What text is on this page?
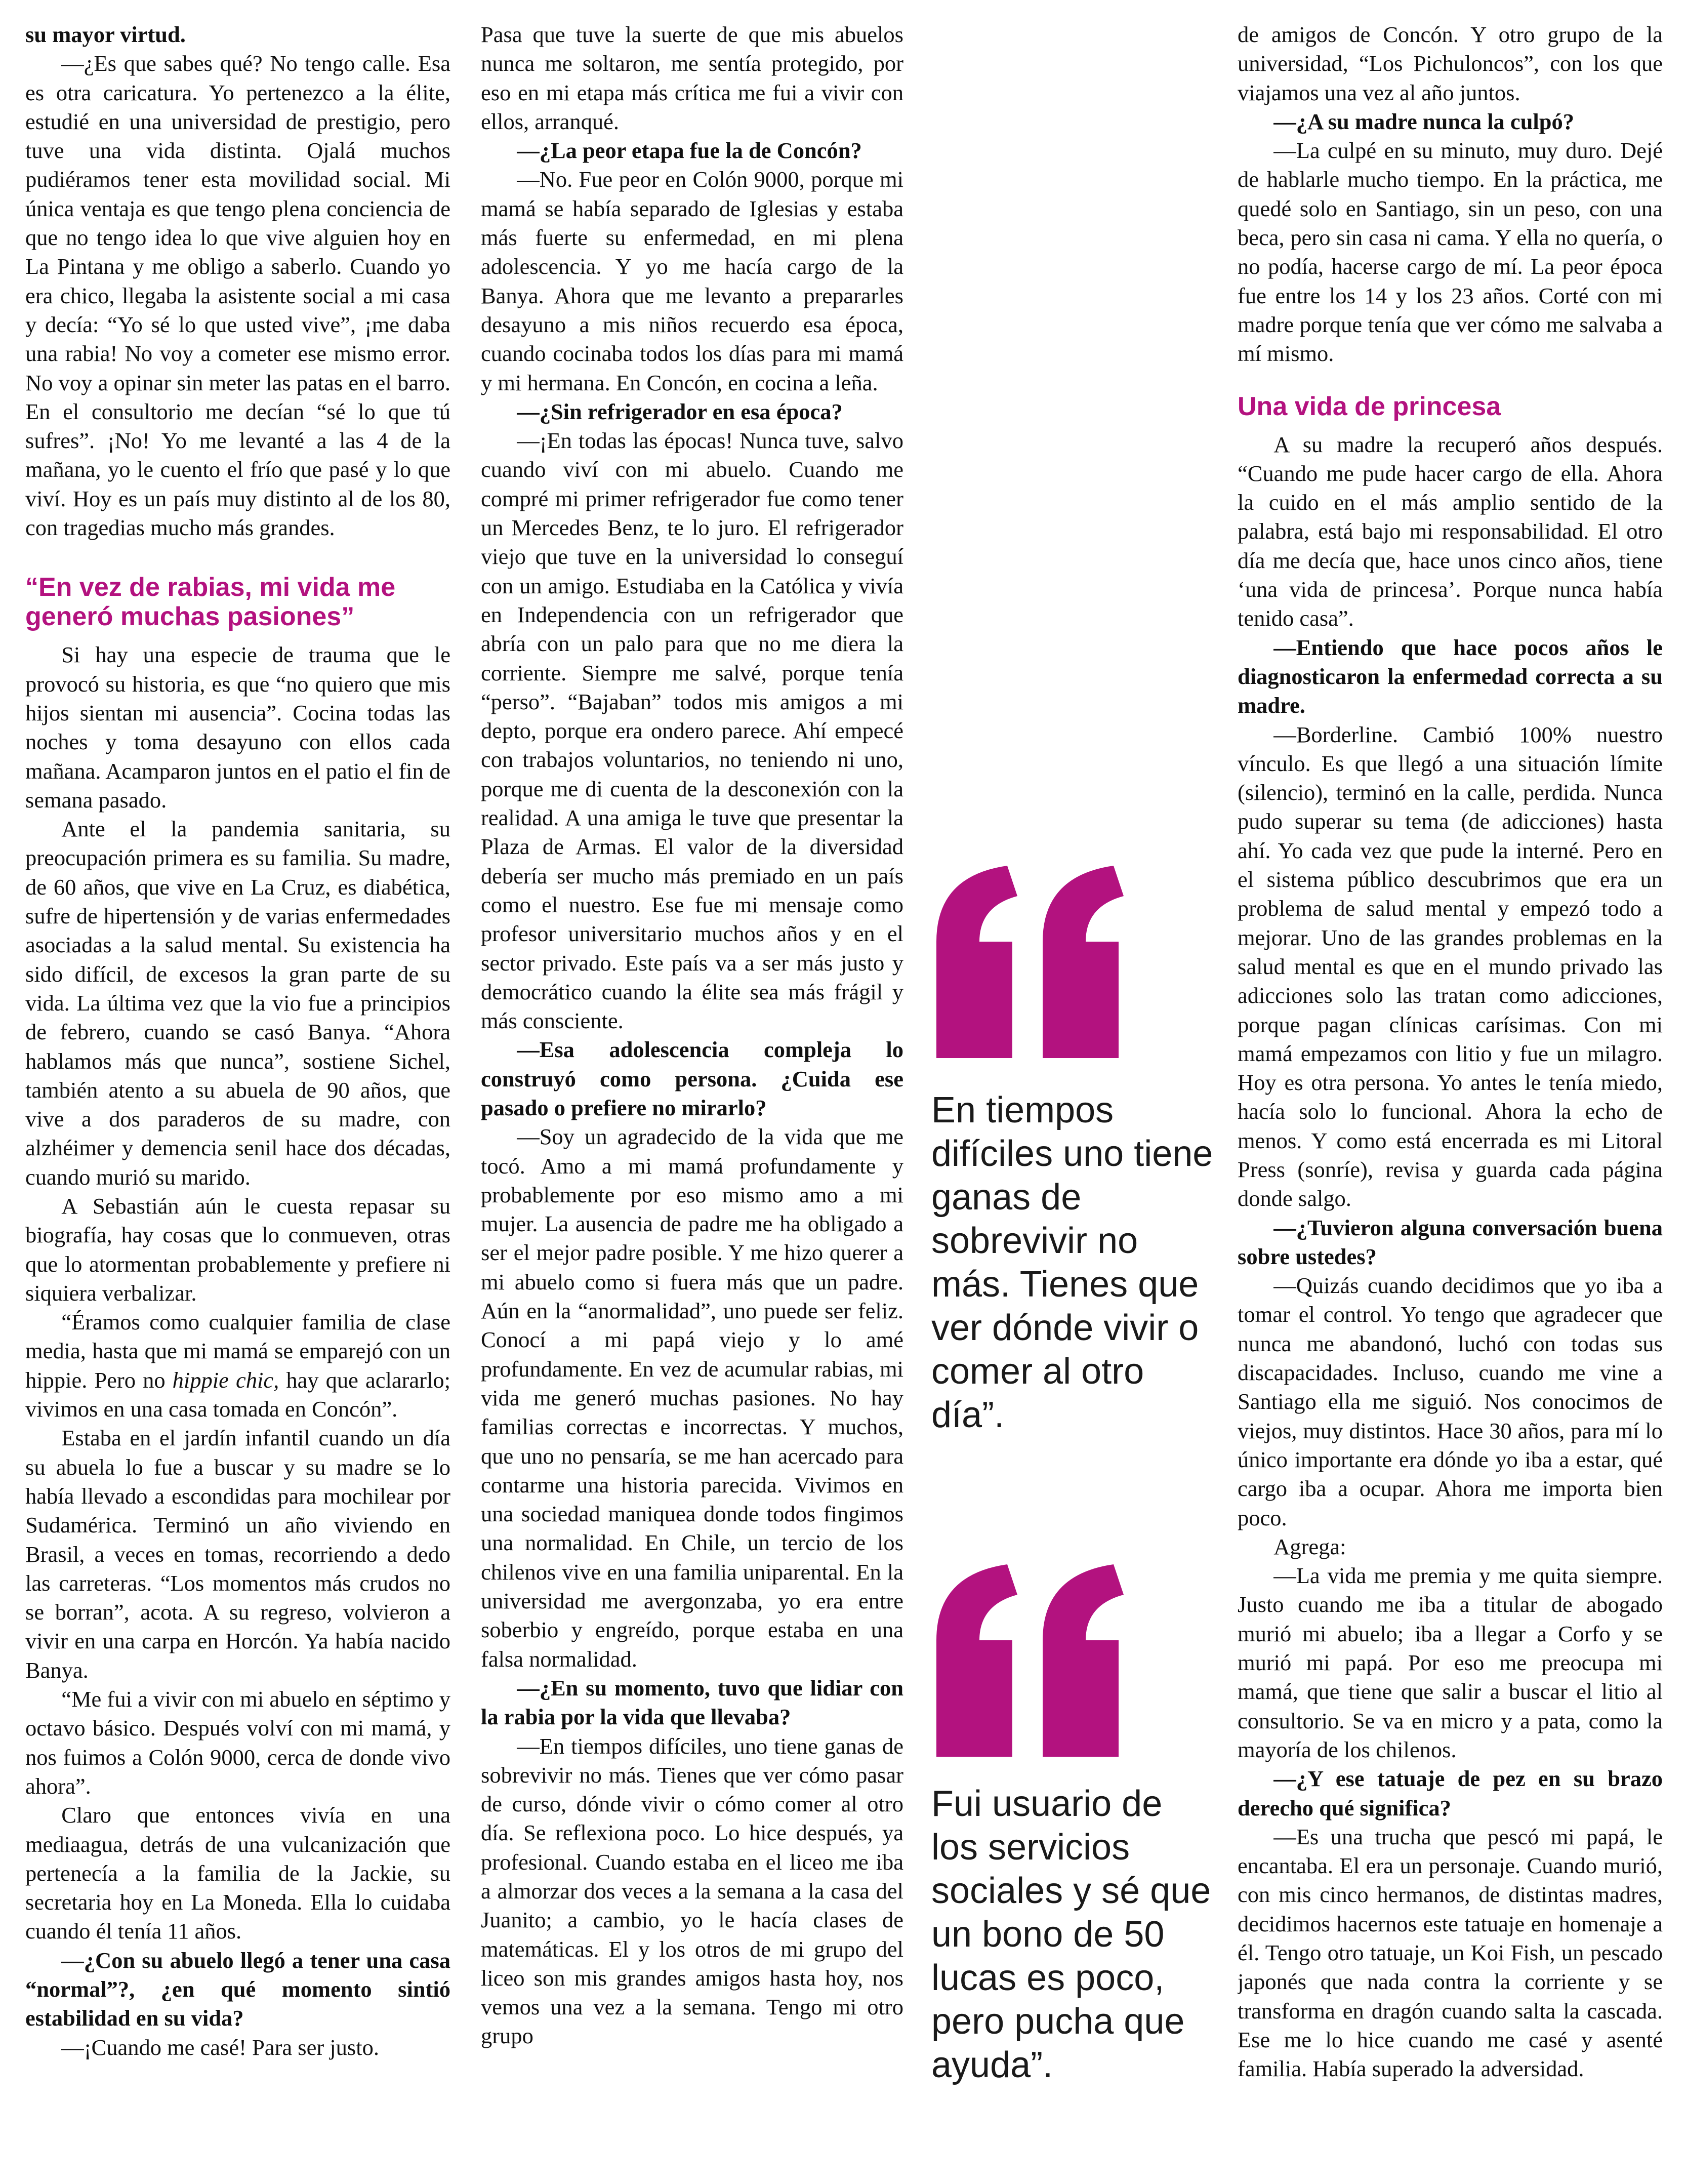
su mayor virtud.

—¿Es que sabes qué? No tengo calle. Esa es otra caricatura. Yo pertenezco a la élite, estudié en una universidad de prestigio, pero tuve una vida distinta. Ojalá muchos pudiéramos tener esta movilidad social. Mi única ventaja es que tengo plena conciencia de que no tengo idea lo que vive alguien hoy en La Pintana y me obligo a saberlo. Cuando yo era chico, llegaba la asistente social a mi casa y decía: “Yo sé lo que usted vive”, ¡me daba una rabia! No voy a cometer ese mismo error. No voy a opinar sin meter las patas en el barro. En el consultorio me decían “sé lo que tú sufres”. ¡No! Yo me levanté a las 4 de la mañana, yo le cuento el frío que pasé y lo que viví. Hoy es un país muy distinto al de los 80, con tragedias mucho más grandes.

“En vez de rabias, mi vida me generó muchas pasiones”

Si hay una especie de trauma que le provocó su historia, es que “no quiero que mis hijos sientan mi ausencia”. Cocina todas las noches y toma desayuno con ellos cada mañana. Acamparon juntos en el patio el fin de semana pasado.

Ante el la pandemia sanitaria, su preocupación primera es su familia. Su madre, de 60 años, que vive en La Cruz, es diabética, sufre de hipertensión y de varias enfermedades asociadas a la salud mental. Su existencia ha sido difícil, de excesos la gran parte de su vida. La última vez que la vio fue a principios de febrero, cuando se casó Banya. “Ahora hablamos más que nunca”, sostiene Sichel, también atento a su abuela de 90 años, que vive a dos paraderos de su madre, con alzhéimer y demencia senil hace dos décadas, cuando murió su marido.

A Sebastián aún le cuesta repasar su biografía, hay cosas que lo conmueven, otras que lo atormentan probablemente y prefiere ni siquiera verbalizar.

“Éramos como cualquier familia de clase media, hasta que mi mamá se emparejó con un hippie. Pero no hippie chic, hay que aclararlo; vivimos en una casa tomada en Concón”.

Estaba en el jardín infantil cuando un día su abuela lo fue a buscar y su madre se lo había llevado a escondidas para mochilear por Sudamérica. Terminó un año viviendo en Brasil, a veces en tomas, recorriendo a dedo las carreteras. “Los momentos más crudos no se borran”, acota. A su regreso, volvieron a vivir en una carpa en Horcón. Ya había nacido Banya.

“Me fui a vivir con mi abuelo en séptimo y octavo básico. Después volví con mi mamá, y nos fuimos a Colón 9000, cerca de donde vivo ahora”.

Claro que entonces vivía en una mediaagua, detrás de una vulcanización que pertenecía a la familia de la Jackie, su secretaria hoy en La Moneda. Ella lo cuidaba cuando él tenía 11 años.

—¿Con su abuelo llegó a tener una casa “normal”?, ¿en qué momento sintió estabilidad en su vida?

—¡Cuando me casé! Para ser justo.

Pasa que tuve la suerte de que mis abuelos nunca me soltaron, me sentía protegido, por eso en mi etapa más crítica me fui a vivir con ellos, arranqué.

—¿La peor etapa fue la de Concón?

—No. Fue peor en Colón 9000, porque mi mamá se había separado de Iglesias y estaba más fuerte su enfermedad, en mi plena adolescencia. Y yo me hacía cargo de la Banya. Ahora que me levanto a prepararles desayuno a mis niños recuerdo esa época, cuando cocinaba todos los días para mi mamá y mi hermana. En Concón, en cocina a leña.

—¿Sin refrigerador en esa época?

—¡En todas las épocas! Nunca tuve, salvo cuando viví con mi abuelo. Cuando me compré mi primer refrigerador fue como tener un Mercedes Benz, te lo juro. El refrigerador viejo que tuve en la universidad lo conseguí con un amigo. Estudiaba en la Católica y vivía en Independencia con un refrigerador que abría con un palo para que no me diera la corriente. Siempre me salvé, porque tenía “perso”. “Bajaban” todos mis amigos a mi depto, porque era ondero parece. Ahí empecé con trabajos voluntarios, no teniendo ni uno, porque me di cuenta de la desconexión con la realidad. A una amiga le tuve que presentar la Plaza de Armas. El valor de la diversidad debería ser mucho más premiado en un país como el nuestro. Ese fue mi mensaje como profesor universitario muchos años y en el sector privado. Este país va a ser más justo y democrático cuando la élite sea más frágil y más consciente.

—Esa adolescencia compleja lo construyó como persona. ¿Cuida ese pasado o prefiere no mirarlo?

—Soy un agradecido de la vida que me tocó. Amo a mi mamá profundamente y probablemente por eso mismo amo a mi mujer. La ausencia de padre me ha obligado a ser el mejor padre posible. Y me hizo querer a mi abuelo como si fuera más que un padre. Aún en la “anormalidad”, uno puede ser feliz. Conocí a mi papá viejo y lo amé profundamente. En vez de acumular rabias, mi vida me generó muchas pasiones. No hay familias correctas e incorrectas. Y muchos, que uno no pensaría, se me han acercado para contarme una historia parecida. Vivimos en una sociedad maniquea donde todos fingimos una normalidad. En Chile, un tercio de los chilenos vive en una familia uniparental. En la universidad me avergonzaba, yo era entre soberbio y engreído, porque estaba en una falsa normalidad.

—¿En su momento, tuvo que lidiar con la rabia por la vida que llevaba?

—En tiempos difíciles, uno tiene ganas de sobrevivir no más. Tienes que ver cómo pasar de curso, dónde vivir o cómo comer al otro día. Se reflexiona poco. Lo hice después, ya profesional. Cuando estaba en el liceo me iba a almorzar dos veces a la semana a la casa del Juanito; a cambio, yo le hacía clases de matemáticas. El y los otros de mi grupo del liceo son mis grandes amigos hasta hoy, nos vemos una vez a la semana. Tengo mi otro grupo

En tiempos difíciles uno tiene ganas de sobrevivir no más. Tienes que ver dónde vivir o comer al otro día”.
Fui usuario de los servicios sociales y sé que un bono de 50 lucas es poco, pero pucha que ayuda”.

de amigos de Concón. Y otro grupo de la universidad, “Los Pichuloncos”, con los que viajamos una vez al año juntos.

—¿A su madre nunca la culpó?

—La culpé en su minuto, muy duro. Dejé de hablarle mucho tiempo. En la práctica, me quedé solo en Santiago, sin un peso, con una beca, pero sin casa ni cama. Y ella no quería, o no podía, hacerse cargo de mí. La peor época fue entre los 14 y los 23 años. Corté con mi madre porque tenía que ver cómo me salvaba a mí mismo.

Una vida de princesa

A su madre la recuperó años después. “Cuando me pude hacer cargo de ella. Ahora la cuido en el más amplio sentido de la palabra, está bajo mi responsabilidad. El otro día me decía que, hace unos cinco años, tiene ‘una vida de princesa’. Porque nunca había tenido casa”.

—Entiendo que hace pocos años le diagnosticaron la enfermedad correcta a su madre.

—Borderline. Cambió 100% nuestro vínculo. Es que llegó a una situación límite (silencio), terminó en la calle, perdida. Nunca pudo superar su tema (de adicciones) hasta ahí. Yo cada vez que pude la interné. Pero en el sistema público descubrimos que era un problema de salud mental y empezó todo a mejorar. Uno de las grandes problemas en la salud mental es que en el mundo privado las adicciones solo las tratan como adicciones, porque pagan clínicas carísimas. Con mi mamá empezamos con litio y fue un milagro. Hoy es otra persona. Yo antes le tenía miedo, hacía solo lo funcional. Ahora la echo de menos. Y como está encerrada es mi Litoral Press (sonríe), revisa y guarda cada página donde salgo.

—¿Tuvieron alguna conversación buena sobre ustedes?

—Quizás cuando decidimos que yo iba a tomar el control. Yo tengo que agradecer que nunca me abandonó, luchó con todas sus discapacidades. Incluso, cuando me vine a Santiago ella me siguió. Nos conocimos de viejos, muy distintos. Hace 30 años, para mí lo único importante era dónde yo iba a estar, qué cargo iba a ocupar. Ahora me importa bien poco.

Agrega:

—La vida me premia y me quita siempre. Justo cuando me iba a titular de abogado murió mi abuelo; iba a llegar a Corfo y se murió mi papá. Por eso me preocupa mi mamá, que tiene que salir a buscar el litio al consultorio. Se va en micro y a pata, como la mayoría de los chilenos.

—¿Y ese tatuaje de pez en su brazo derecho qué significa?

—Es una trucha que pescó mi papá, le encantaba. El era un personaje. Cuando murió, con mis cinco hermanos, de distintas madres, decidimos hacernos este tatuaje en homenaje a él. Tengo otro tatuaje, un Koi Fish, un pescado japonés que nada contra la corriente y se transforma en dragón cuando salta la cascada. Ese me lo hice cuando me casé y asenté familia. Había superado la adversidad.
